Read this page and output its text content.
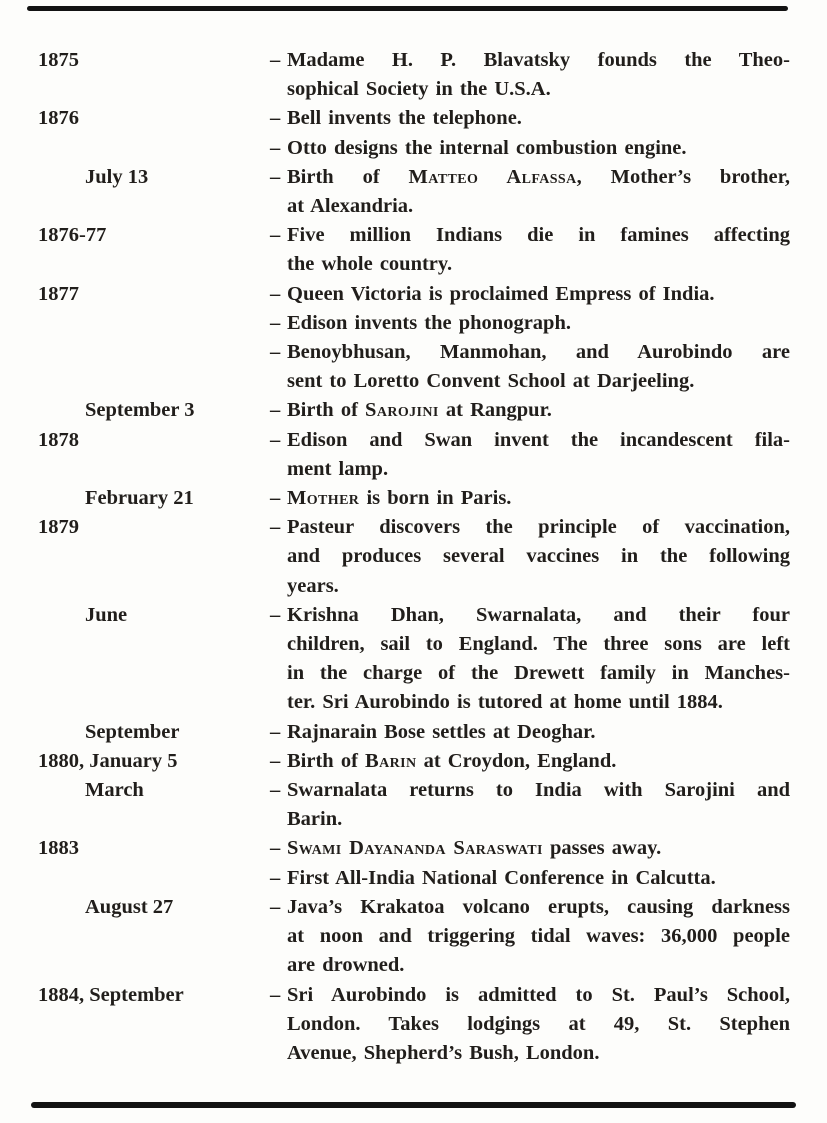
1875	– Madame H. P. Blavatsky founds the Theo-
sophical Society in the U.S.A.
1876	– Bell invents the telephone.
– Otto designs the internal combustion engine.
July 13	– Birth of Matteo Alfassa, Mother’s brother,
at Alexandria.
1876-77	– Five million Indians die in famines affecting
the whole country.
1877	– Queen Victoria is proclaimed Empress of India.
– Edison invents the phonograph.
– Benoybhusan, Manmohan, and Aurobindo are
sent to Loretto Convent School at Darjeeling.
September 3	– Birth of Sarojini at Rangpur.
1878	– Edison and Swan invent the incandescent fila-
ment lamp.
February 21	– Mother is born in Paris.
1879	– Pasteur discovers the principle of vaccination,
and produces several vaccines in the following
years.
June	– Krishna Dhan, Swarnalata, and their four
children, sail to England. The three sons are left
in the charge of the Drewett family in Manches-
ter. Sri Aurobindo is tutored at home until 1884.
September	– Rajnarain Bose settles at Deoghar.
1880, January 5	– Birth of Barin at Croydon, England.
March	– Swarnalata returns to India with Sarojini and
Barin.
1883	– Swami Dayananda Saraswati passes away.
– First All-India National Conference in Calcutta.
August 27	– Java’s Krakatoa volcano erupts, causing darkness
at noon and triggering tidal waves: 36,000 people
are drowned.
1884, September	– Sri Aurobindo is admitted to St. Paul’s School,
London. Takes lodgings at 49, St. Stephen
Avenue, Shepherd’s Bush, London.
